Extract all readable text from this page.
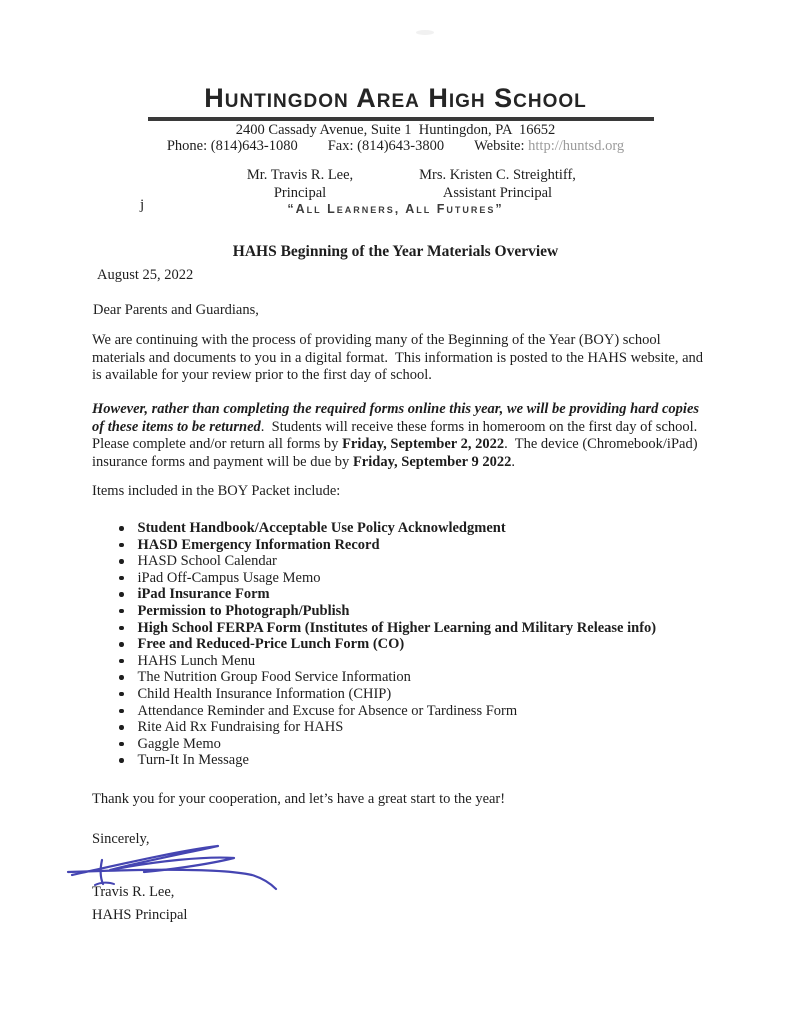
Huntingdon Area High School
2400 Cassady Avenue, Suite 1  Huntingdon, PA  16652
Phone: (814)643-1080 Fax: (814)643-3800 Website: http://huntsd.org
Mr. Travis R. Lee,
Principal
Mrs. Kristen C. Streightiff,
Assistant Principal
j	“All Learners, All Futures”
HAHS Beginning of the Year Materials Overview
August 25, 2022
Dear Parents and Guardians,
We are continuing with the process of providing many of the Beginning of the Year (BOY) school materials and documents to you in a digital format.  This information is posted to the HAHS website, and is available for your review prior to the first day of school.
However, rather than completing the required forms online this year, we will be providing hard copies of these items to be returned.  Students will receive these forms in homeroom on the first day of school. Please complete and/or return all forms by Friday, September 2, 2022.  The device (Chromebook/iPad) insurance forms and payment will be due by Friday, September 9 2022.
Items included in the BOY Packet include:
Student Handbook/Acceptable Use Policy Acknowledgment
HASD Emergency Information Record
HASD School Calendar
iPad Off-Campus Usage Memo
iPad Insurance Form
Permission to Photograph/Publish
High School FERPA Form (Institutes of Higher Learning and Military Release info)
Free and Reduced-Price Lunch Form (CO)
HAHS Lunch Menu
The Nutrition Group Food Service Information
Child Health Insurance Information (CHIP)
Attendance Reminder and Excuse for Absence or Tardiness Form
Rite Aid Rx Fundraising for HAHS
Gaggle Memo
Turn-It In Message
Thank you for your cooperation, and let’s have a great start to the year!
Sincerely,
Travis R. Lee,
HAHS Principal
